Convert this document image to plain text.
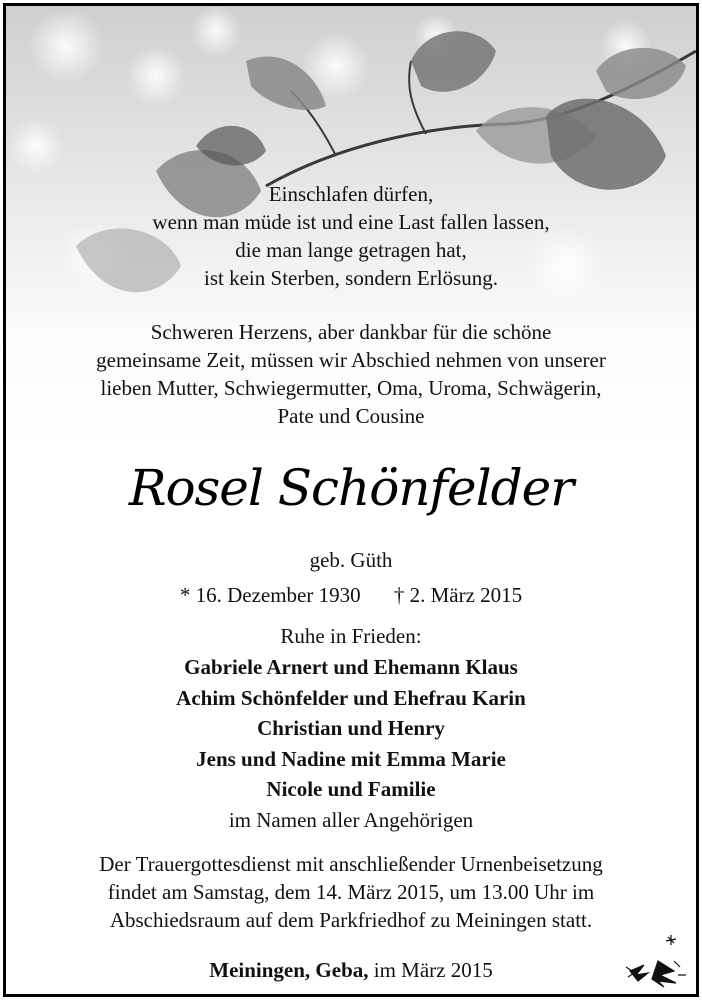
Einschlafen dürfen,
wenn man müde ist und eine Last fallen lassen,
die man lange getragen hat,
ist kein Sterben, sondern Erlösung.
Schweren Herzens, aber dankbar für die schöne
gemeinsame Zeit, müssen wir Abschied nehmen von unserer
lieben Mutter, Schwiegermutter, Oma, Uroma, Schwägerin,
Pate und Cousine
Rosel Schönfelder
geb. Güth
* 16. Dezember 1930 † 2. März 2015
Ruhe in Frieden:
Gabriele Arnert und Ehemann Klaus
Achim Schönfelder und Ehefrau Karin
Christian und Henry
Jens und Nadine mit Emma Marie
Nicole und Familie
im Namen aller Angehörigen
Der Trauergottesdienst mit anschließender Urnenbeisetzung
findet am Samstag, dem 14. März 2015, um 13.00 Uhr im
Abschiedsraum auf dem Parkfriedhof zu Meiningen statt.
Meiningen, Geba, im März 2015
